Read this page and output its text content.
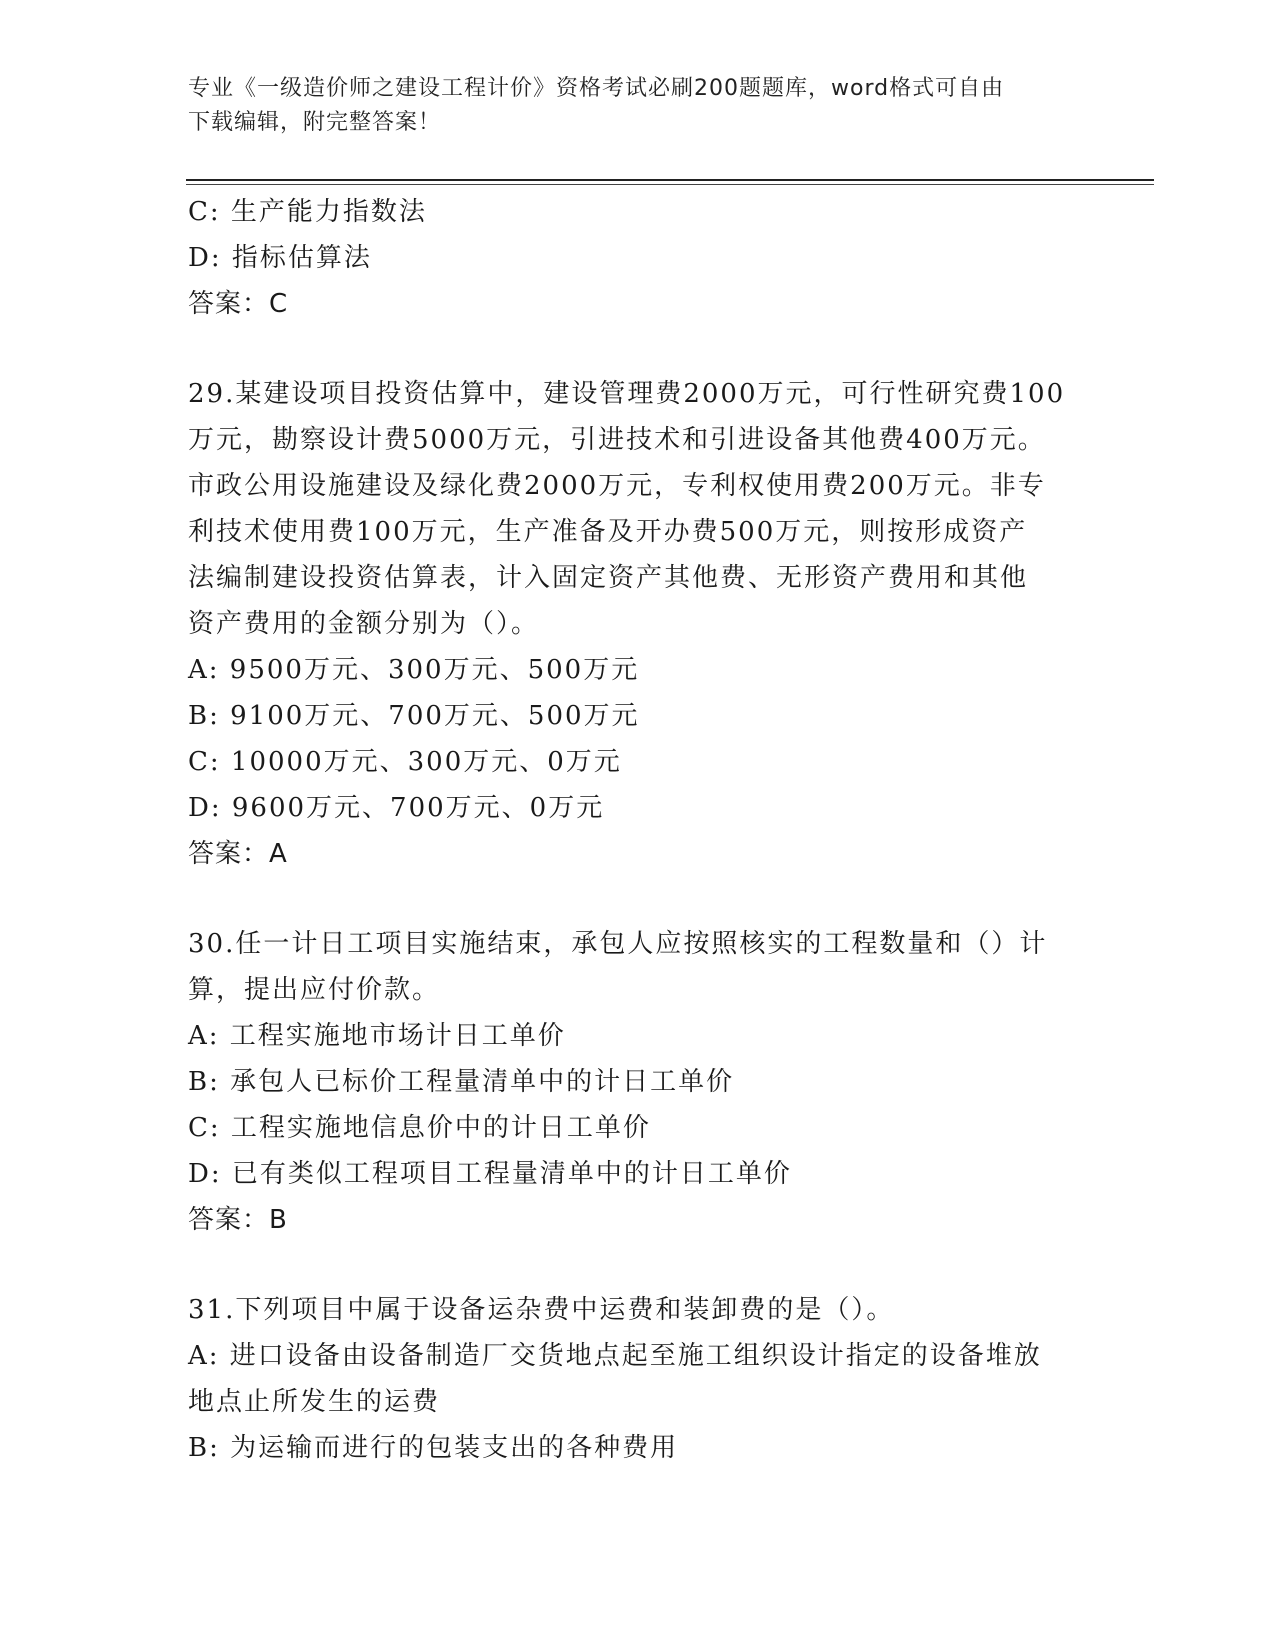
专业《一级造价师之建设工程计价》资格考试必刷200题题库，word格式可自由
下载编辑，附完整答案！
C: 生产能力指数法
D: 指标估算法
答案：C
29.某建设项目投资估算中，建设管理费2000万元，可行性研究费100
万元，勘察设计费5000万元，引进技术和引进设备其他费400万元。
市政公用设施建设及绿化费2000万元，专利权使用费200万元。非专
利技术使用费100万元，生产准备及开办费500万元，则按形成资产
法编制建设投资估算表，计入固定资产其他费、无形资产费用和其他
资产费用的金额分别为（）。
A: 9500万元、300万元、500万元
B: 9100万元、700万元、500万元
C: 10000万元、300万元、0万元
D: 9600万元、700万元、0万元
答案：A
30.任一计日工项目实施结束，承包人应按照核实的工程数量和（）计
算，提出应付价款。
A: 工程实施地市场计日工单价
B: 承包人已标价工程量清单中的计日工单价
C: 工程实施地信息价中的计日工单价
D: 已有类似工程项目工程量清单中的计日工单价
答案：B
31.下列项目中属于设备运杂费中运费和装卸费的是（）。
A: 进口设备由设备制造厂交货地点起至施工组织设计指定的设备堆放
地点止所发生的运费
B: 为运输而进行的包装支出的各种费用
